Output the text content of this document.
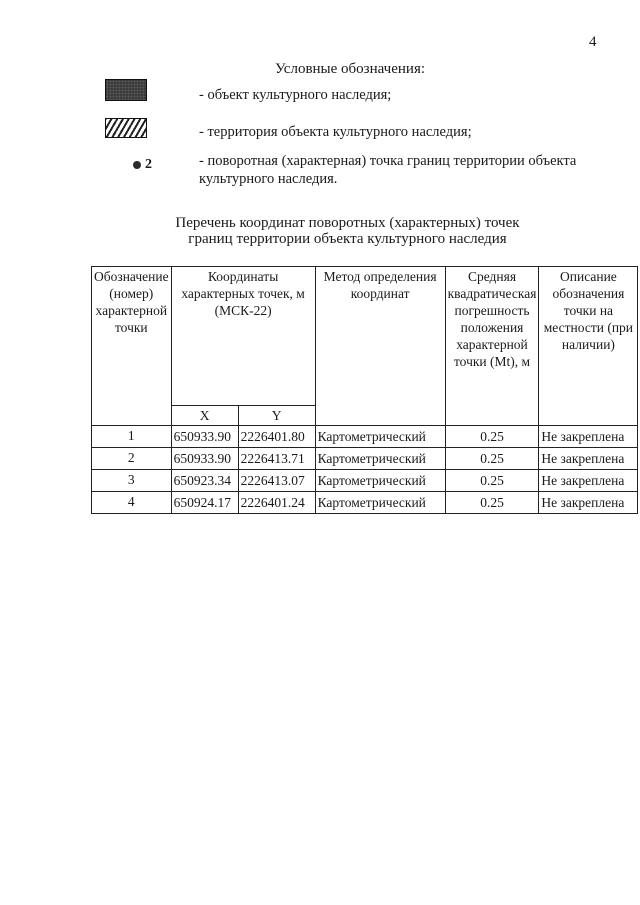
4
Условные обозначения:
- объект культурного наследия;
- территория объекта культурного наследия;
2	- поворотная (характерная) точка границ территории объекта культурного наследия.
Перечень координат поворотных (характерных) точек
границ территории объекта культурного наследия
Обозначение (номер) характерной точки	Координаты характерных точек, м (МСК-22)		Метод определения координат	Средняя квадратическая погрешность положения характерной точки (Mt), м	Описание обозначения точки на местности (при наличии)
	X	Y			
1	650933.90	2226401.80	Картометрический	0.25	Не закреплена
2	650933.90	2226413.71	Картометрический	0.25	Не закреплена
3	650923.34	2226413.07	Картометрический	0.25	Не закреплена
4	650924.17	2226401.24	Картометрический	0.25	Не закреплена
